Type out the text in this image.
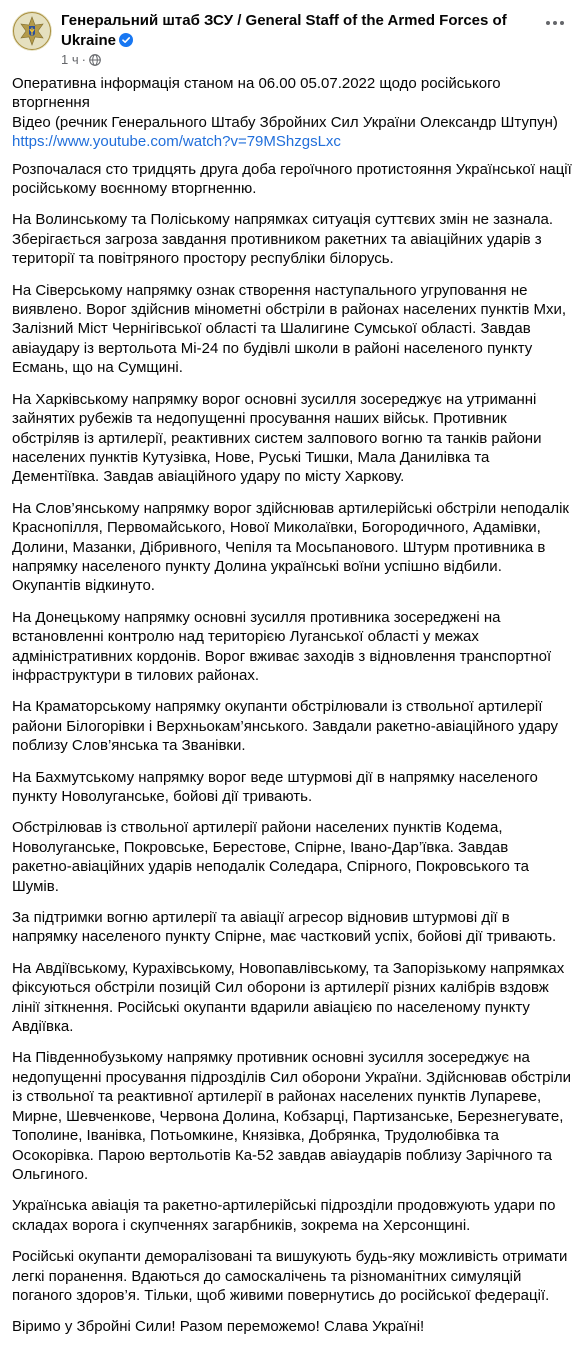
Генеральний штаб ЗСУ / General Staff of the Armed Forces of Ukraine
1 ч ·
Оперативна інформація станом на 06.00 05.07.2022 щодо російського вторгнення
Відео (речник Генерального Штабу Збройних Сил України Олександр Штупун)
https://www.youtube.com/watch?v=79MShzgsLxc

Розпочалася сто тридцять друга доба героїчного протистояння Української нації російському воєнному вторгненню.

На Волинському та Поліському напрямках ситуація суттєвих змін не зазнала. Зберігається загроза завдання противником ракетних та авіаційних ударів з території та повітряного простору республіки білорусь.

На Сіверському напрямку ознак створення наступального угруповання не виявлено. Ворог здійснив мінометні обстріли в районах населених пунктів Мхи, Залізний Міст Чернігівської області та Шалигине Сумської області. Завдав авіаудару із вертольота Мі-24 по будівлі школи в районі населеного пункту Есмань, що на Сумщині.

На Харківському напрямку ворог основні зусилля зосереджує на утриманні зайнятих рубежів та недопущенні просування наших військ. Противник обстріляв із артилерії, реактивних систем залпового вогню та танків райони населених пунктів Кутузівка, Нове, Руські Тишки, Мала Данилівка та Дементіївка. Завдав авіаційного удару по місту Харкову.

На Слов’янському напрямку ворог здійснював артилерійські обстріли неподалік Краснопілля, Первомайського, Нової Миколаївки, Богородичного, Адамівки, Долини, Мазанки, Дібривного, Чепіля та Мосьпанового. Штурм противника в напрямку населеного пункту Долина українські воїни успішно відбили. Окупантів відкинуто.

На Донецькому напрямку основні зусилля противника зосереджені на встановленні контролю над територією Луганської області у межах адміністративних кордонів. Ворог вживає заходів з відновлення транспортної інфраструктури в тилових районах.

На Краматорському напрямку окупанти обстрілювали із ствольної артилерії райони Білогорівки і Верхньокам’янського. Завдали ракетно-авіаційного удару поблизу Слов’янська та Званівки.

На Бахмутському напрямку ворог веде штурмові дії в напрямку населеного пункту Новолуганське, бойові дії тривають.

Обстрілював із ствольної артилерії райони населених пунктів Кодема, Новолуганське, Покровське, Берестове, Спірне, Івано-Дар’ївка. Завдав ракетно-авіаційних ударів неподалік Соледара, Спірного, Покровського та Шумів.

За підтримки вогню артилерії та авіації агресор відновив штурмові дії в напрямку населеного пункту Спірне, має частковий успіх, бойові дії тривають.

На Авдіївському, Курахівському, Новопавлівському, та Запорізькому напрямках фіксуються обстріли позицій Сил оборони із артилерії різних калібрів вздовж лінії зіткнення. Російські окупанти вдарили авіацією по населеному пункту Авдіївка.

На Південнобузькому напрямку противник основні зусилля зосереджує на недопущенні просування підрозділів Сил оборони України. Здійснював обстріли із ствольної та реактивної артилерії в районах населених пунктів Лупареве, Мирне, Шевченкове, Червона Долина, Кобзарці, Партизанське, Березнегувате, Тополине, Іванівка, Потьомкине, Князівка, Добрянка, Трудолюбівка та Осокорівка. Парою вертольотів Ка-52 завдав авіаударів поблизу Зарічного та Ольгиного.

Українська авіація та ракетно-артилерійські підрозділи продовжують удари по складах ворога і скупченнях загарбників, зокрема на Херсонщині.

Російські окупанти деморалізовані та вишукують будь-яку можливість отримати легкі поранення. Вдаються до самоскалічень та різноманітних симуляцій поганого здоров’я. Тільки, щоб живими повернутись до російської федерації.

Віримо у Збройні Сили! Разом переможемо! Слава Україні!
